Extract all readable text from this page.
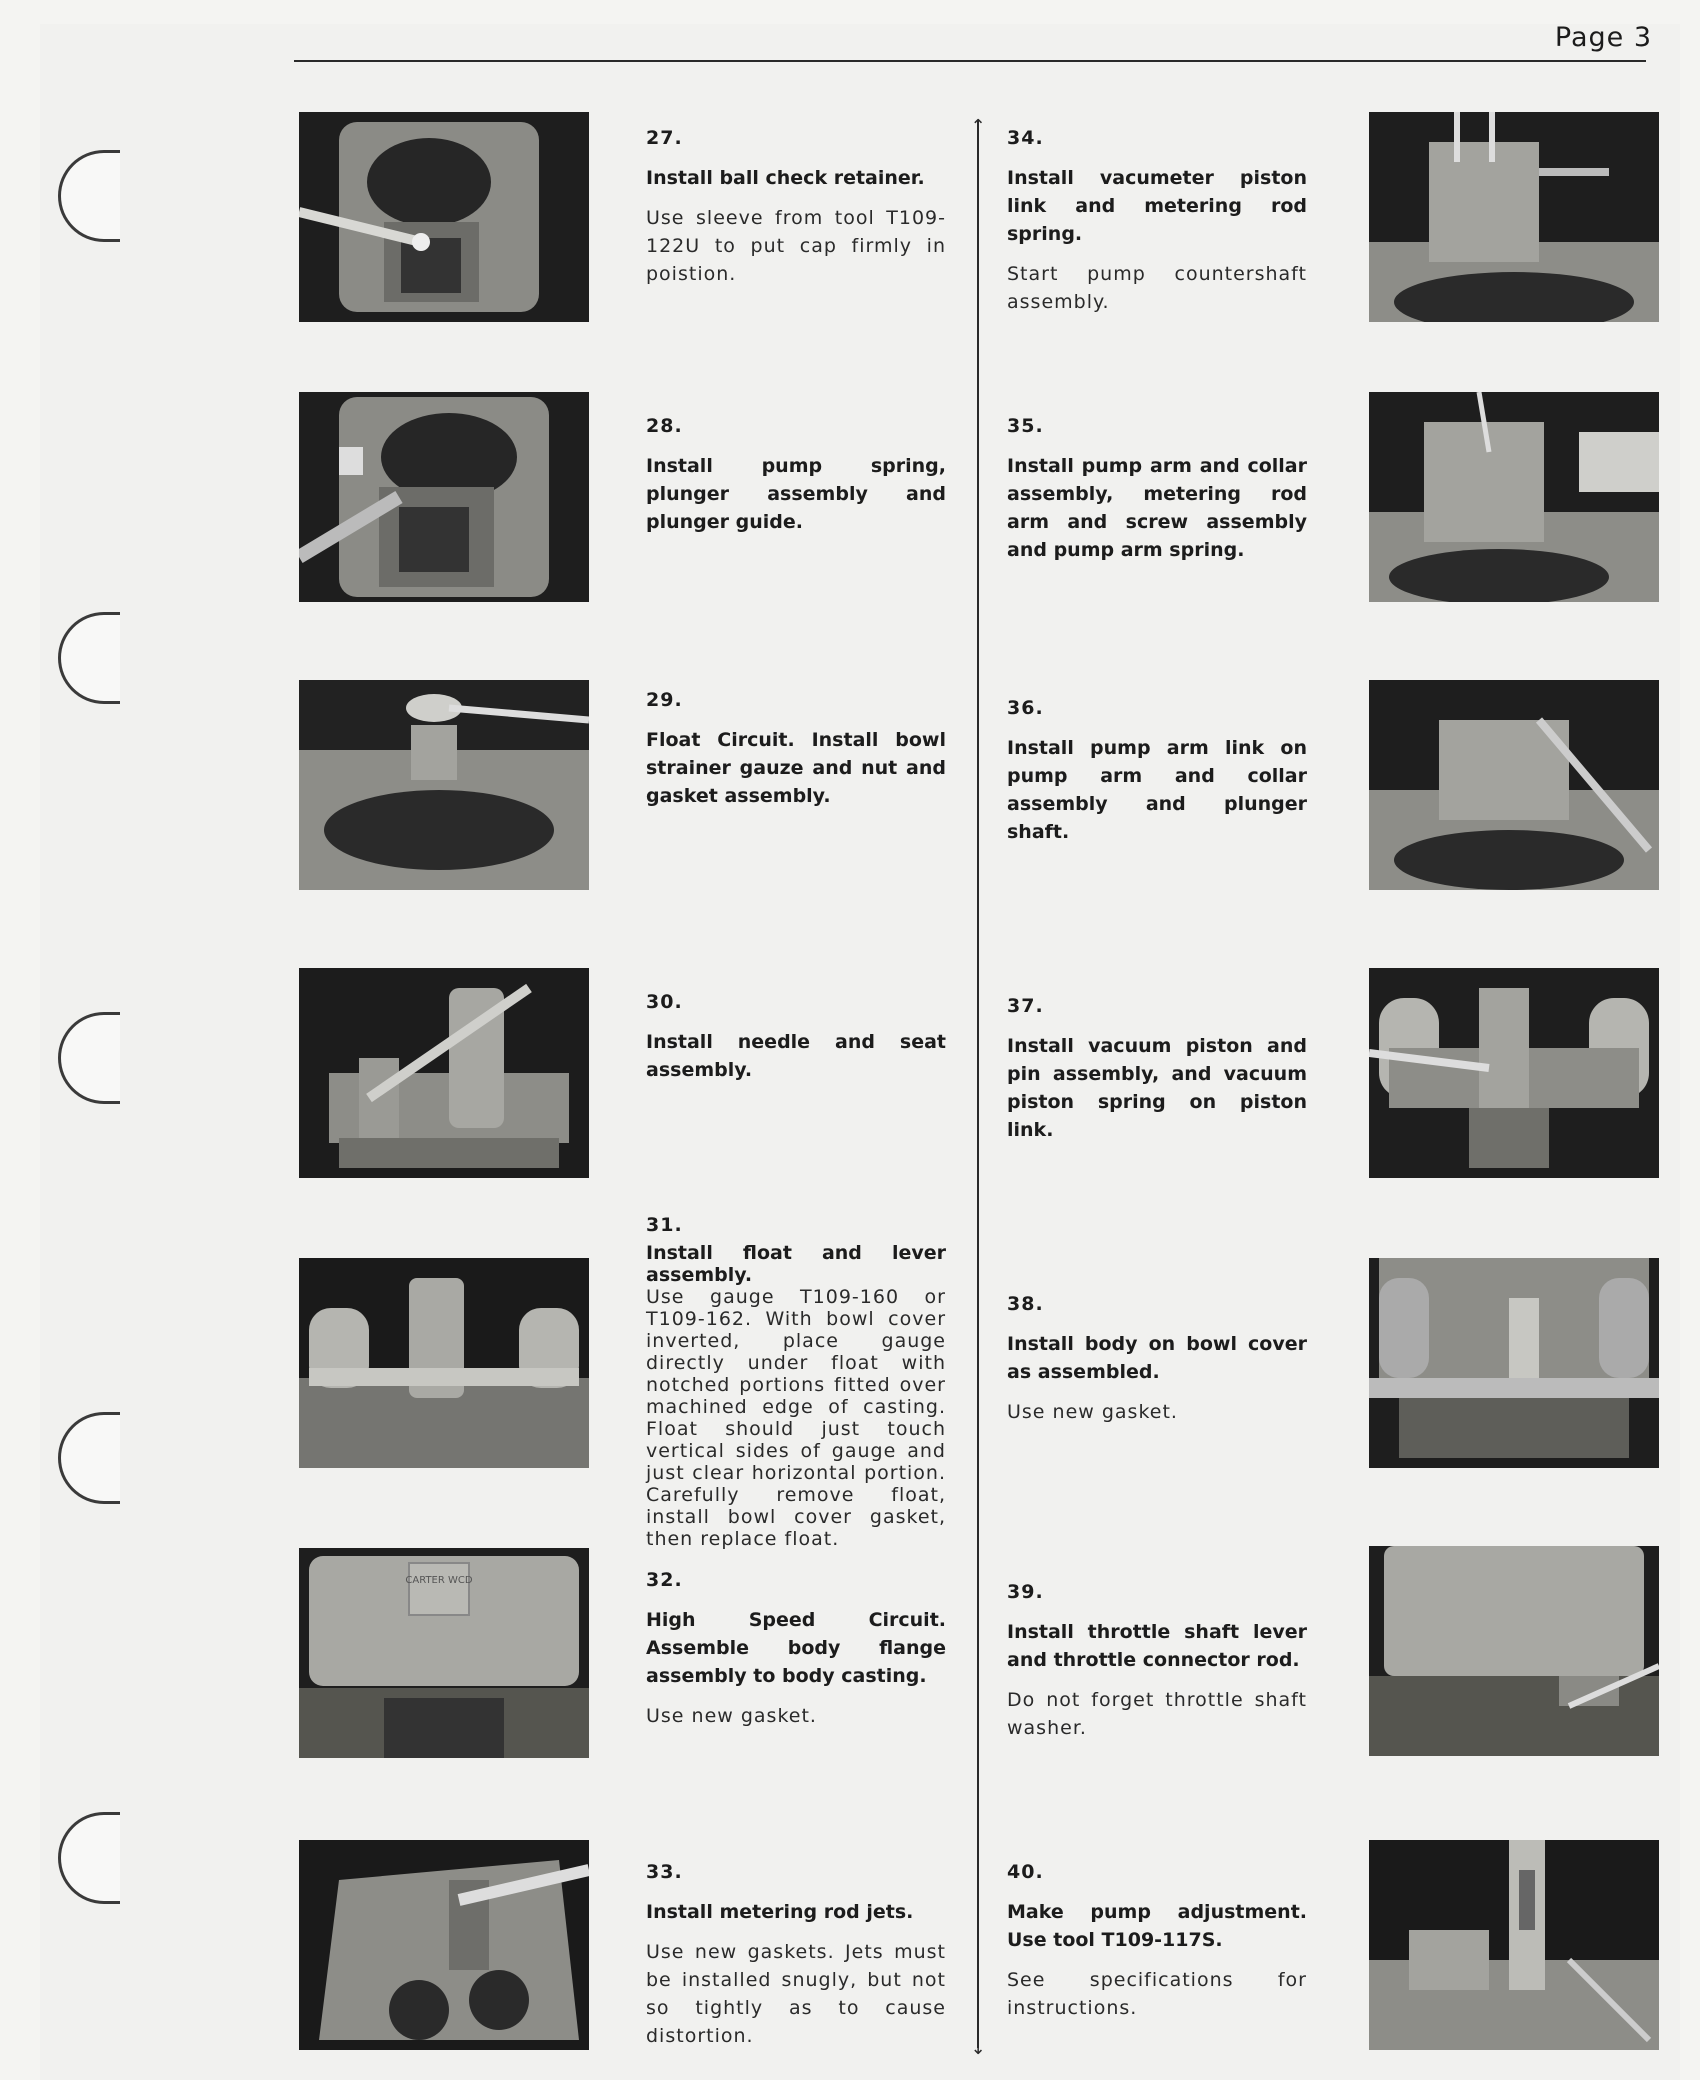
Page 3
↑
↓
CARTER WCD
27.
Install ball check retainer.
Use sleeve from tool T109-122U to put cap firmly in poistion.
28.
Install pump spring, plunger assembly and plunger guide.
29.
Float Circuit. Install bowl strainer gauze and nut and gasket assembly.
30.
Install needle and seat assembly.
31.
Install float and lever assembly.
Use gauge T109-160 or T109-162. With bowl cover inverted, place gauge directly under float with notched portions fitted over machined edge of casting. Float should just touch vertical sides of gauge and just clear horizontal portion. Carefully remove float, install bowl cover gasket, then replace float.
32.
High Speed Circuit. Assemble body flange assembly to body casting.
Use new gasket.
33.
Install metering rod jets.
Use new gaskets. Jets must be installed snugly, but not so tightly as to cause distortion.
34.
Install vacumeter piston link and metering rod spring.
Start pump countershaft assembly.
35.
Install pump arm and collar assembly, metering rod arm and screw assembly and pump arm spring.
36.
Install pump arm link on pump arm and collar assembly and plunger shaft.
37.
Install vacuum piston and pin assembly, and vacuum piston spring on piston link.
38.
Install body on bowl cover as assembled.
Use new gasket.
39.
Install throttle shaft lever and throttle connector rod.
Do not forget throttle shaft washer.
40.
Make pump adjustment. Use tool T109-117S.
See specifications for instructions.
